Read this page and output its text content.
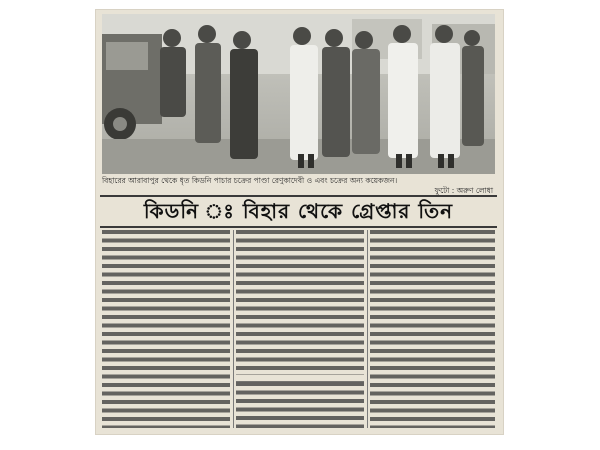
বিহারের আরাবাপুর থেকে ধৃত কিডনি পাচার চক্রের পাণ্ডা রেণুকাদেবী ও এবং চক্রের অন্য কয়েকজন।
ফুটো : অরুণ লোধা
কিডনি ঃ বিহার থেকে গ্রেপ্তার তিন
